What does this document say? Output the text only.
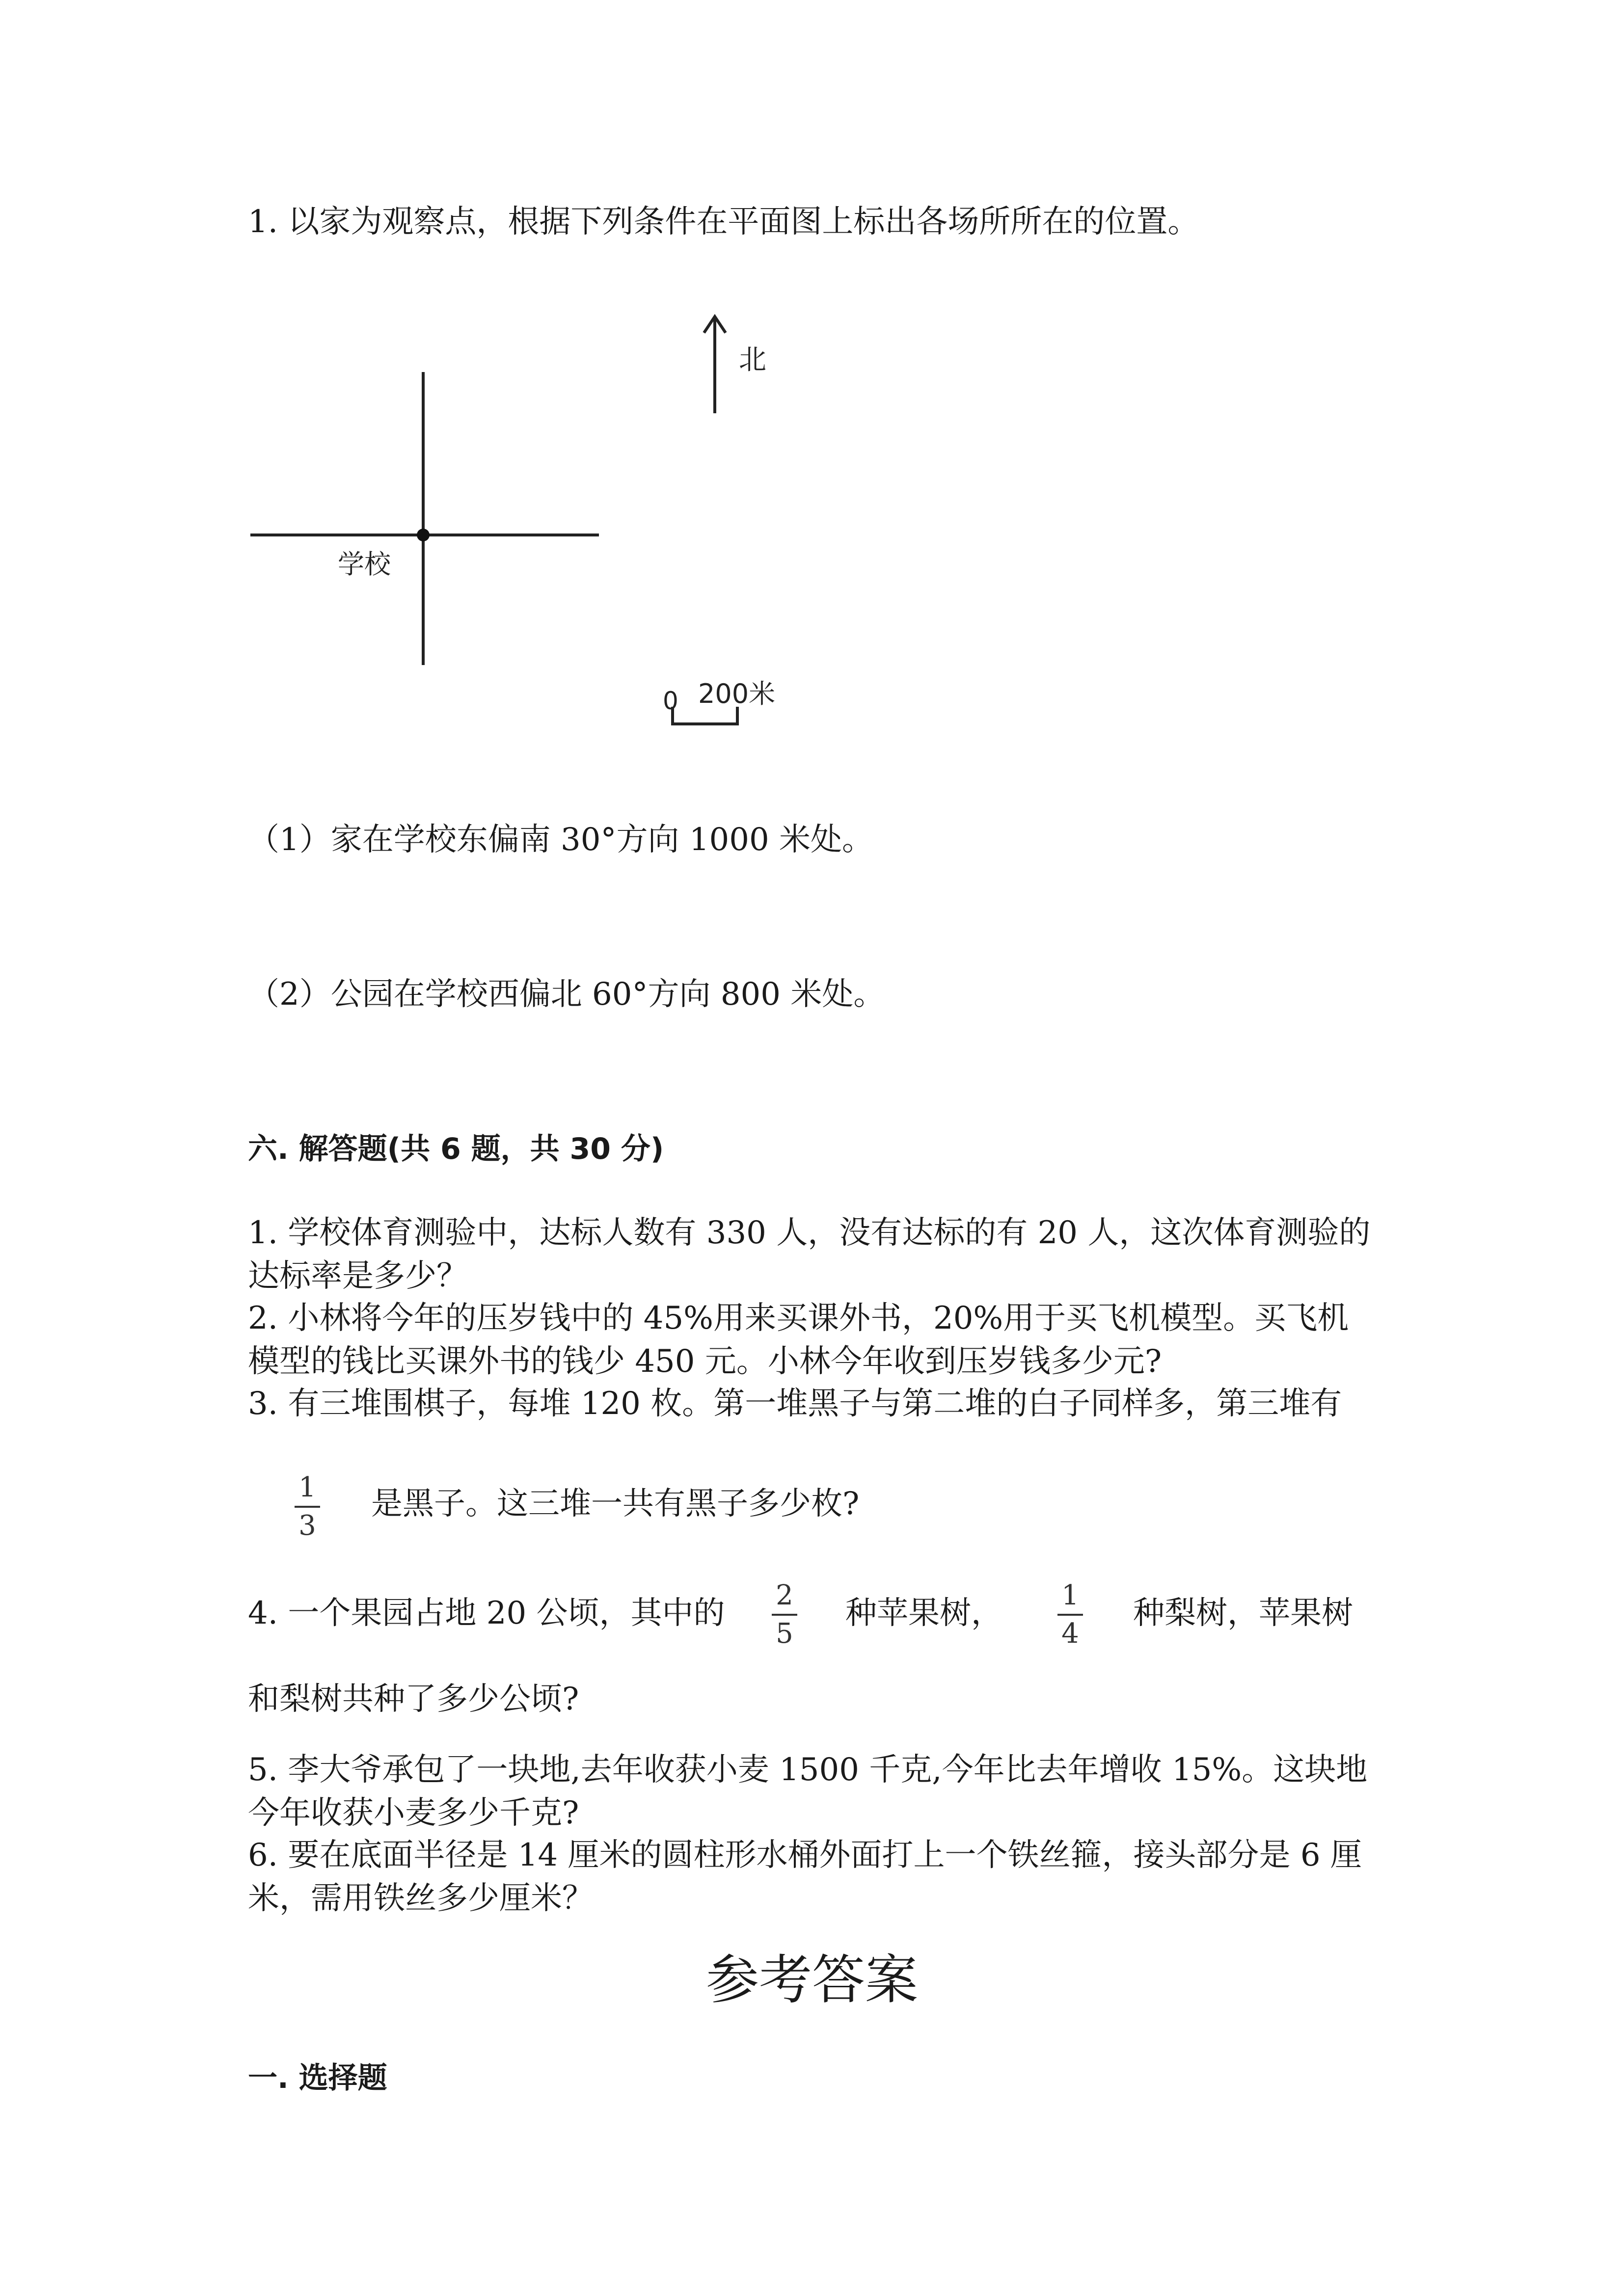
1. 以家为观察点，根据下列条件在平面图上标出各场所所在的位置。
北
学校
0 200米
（1）家在学校东偏南 30°方向 1000 米处。
（2）公园在学校西偏北 60°方向 800 米处。
六. 解答题(共 6 题，共 30 分)
1. 学校体育测验中，达标人数有 330 人，没有达标的有 20 人，这次体育测验的
达标率是多少？
2. 小林将今年的压岁钱中的 45%用来买课外书，20%用于买飞机模型。买飞机
模型的钱比买课外书的钱少 450 元。小林今年收到压岁钱多少元?
3. 有三堆围棋子，每堆 120 枚。第一堆黑子与第二堆的白子同样多，第三堆有
1
3
是黑子。这三堆一共有黑子多少枚?
4. 一个果园占地 20 公顷，其中的 2
5
种苹果树， 1
4
种梨树，苹果树
和梨树共种了多少公顷?
5. 李大爷承包了一块地,去年收获小麦 1500 千克,今年比去年增收 15%。这块地
今年收获小麦多少千克?
6. 要在底面半径是 14 厘米的圆柱形水桶外面打上一个铁丝箍，接头部分是 6 厘
米，需用铁丝多少厘米？
参考答案
一. 选择题
